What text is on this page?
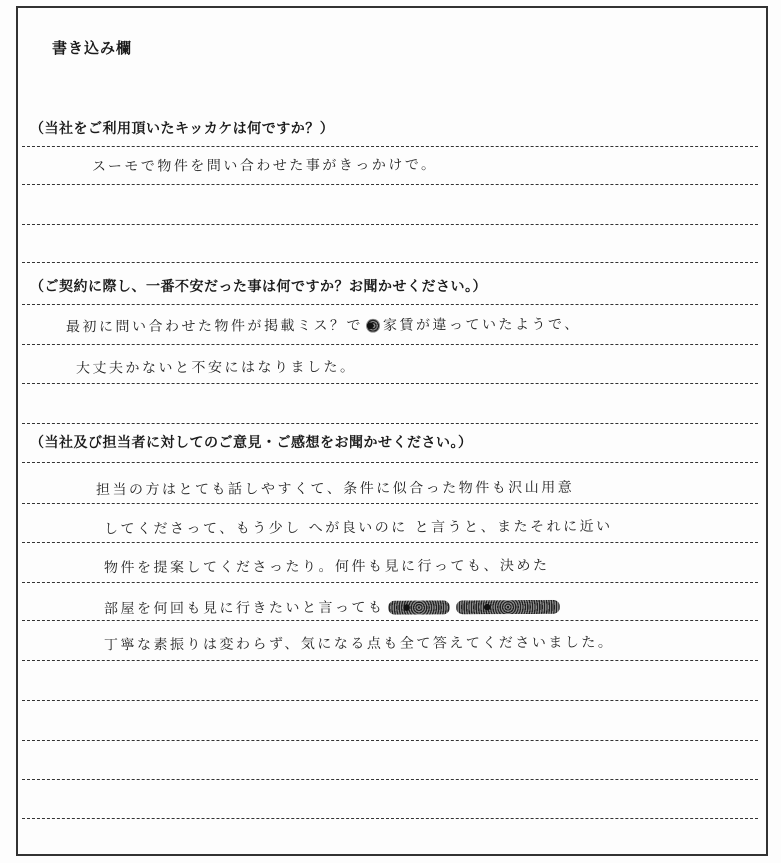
書き込み欄
（当社をご利用頂いたキッカケは何ですか？）
スーモで物件を問い合わせた事がきっかけで。
（ご契約に際し、一番不安だった事は何ですか？お聞かせください。）
最初に問い合わせた物件が掲載ミス？で 家賃が違っていたようで、
大丈夫かないと不安にはなりました。
（当社及び担当者に対してのご意見・ご感想をお聞かせください。）
担当の方はとても話しやすくて、条件に似合った物件も沢山用意
してくださって、もう少し へが良いのに と言うと、またそれに近い
物件を提案してくださったり。何件も見に行っても、決めた
部屋を何回も見に行きたいと言っても
丁寧な素振りは変わらず、気になる点も全て答えてくださいました。
